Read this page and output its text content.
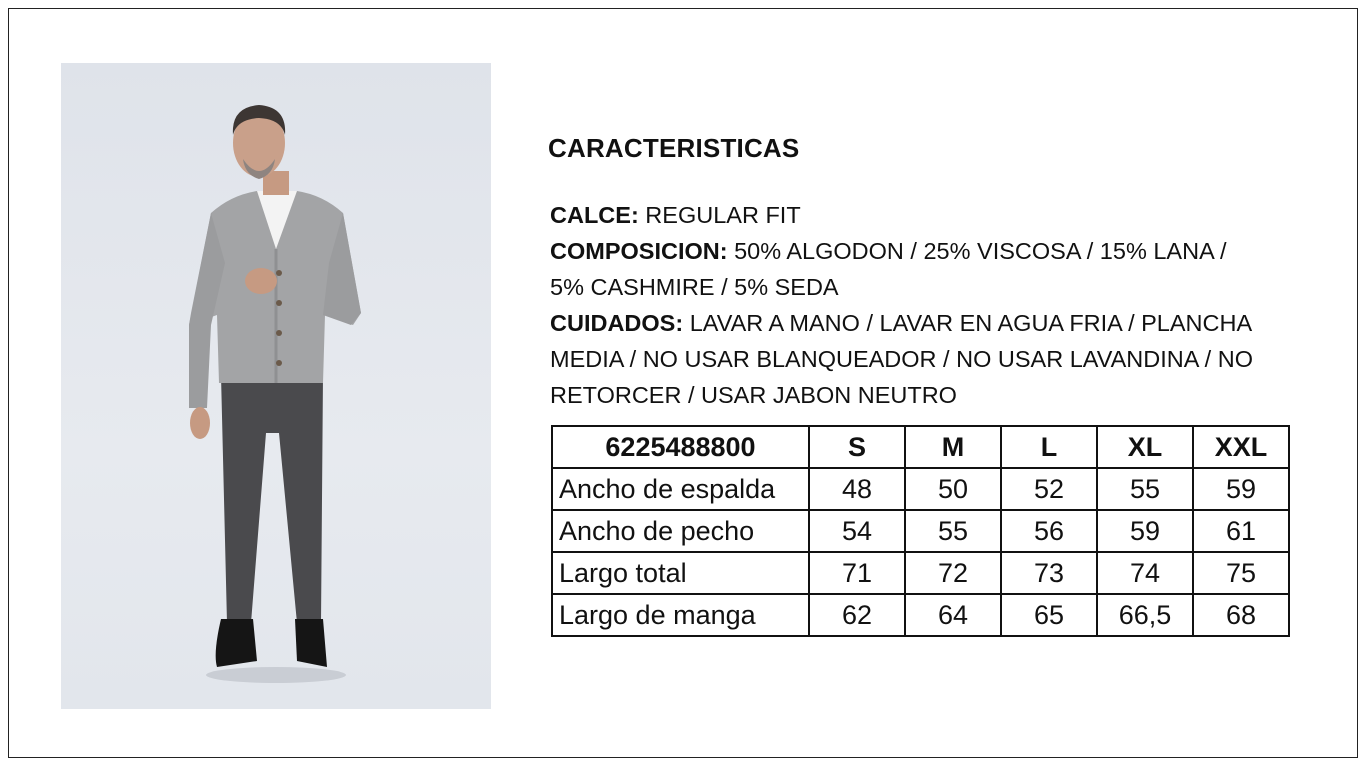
CARACTERISTICAS
CALCE: REGULAR FIT
COMPOSICION: 50% ALGODON / 25% VISCOSA / 15% LANA /
5% CASHMIRE / 5% SEDA
CUIDADOS: LAVAR A MANO / LAVAR EN AGUA FRIA / PLANCHA
MEDIA / NO USAR BLANQUEADOR / NO USAR LAVANDINA / NO
RETORCER / USAR JABON NEUTRO
6225488800	S	M	L	XL	XXL
Ancho de espalda	48	50	52	55	59
Ancho de pecho	54	55	56	59	61
Largo total	71	72	73	74	75
Largo de manga	62	64	65	66,5	68
